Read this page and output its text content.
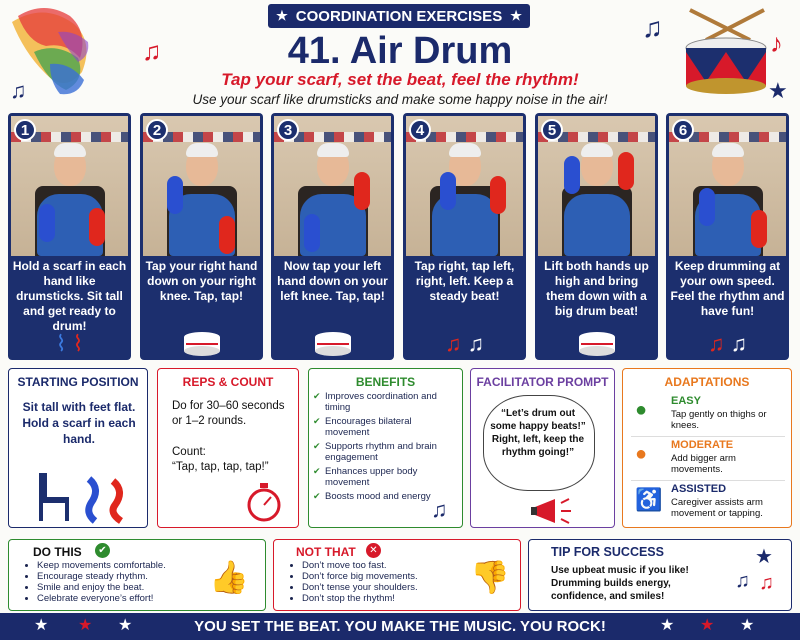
♫
♫
♫	♪
★
★ COORDINATION EXERCISES ★
41. Air Drum
Tap your scarf, set the beat, feel the rhythm!
Use your scarf like drumsticks and make some happy noise in the air!
1
Hold a scarf in each hand like drumsticks. Sit tall and get ready to drum!
⌇ ⌇
2
Tap your right hand down on your right knee. Tap, tap!
3
Now tap your left hand down on your left knee. Tap, tap!
4
Tap right, tap left, right, left. Keep a steady beat!
♫ ♫
5
Lift both hands up high and bring them down with a big drum beat!
6
Keep drumming at your own speed. Feel the rhythm and have fun!
♫ ♫
STARTING POSITION
Sit tall with feet flat. Hold a scarf in each hand.
REPS & COUNT
Do for 30–60 seconds or 1–2 rounds.
Count:
“Tap, tap, tap, tap!”
BENEFITS
✔ Improves coordination and timing
✔ Encourages bilateral movement
✔ Supports rhythm and brain engagement
✔ Enhances upper body movement
✔ Boosts mood and energy
♫
FACILITATOR PROMPT
“Let’s drum out some happy beats!” Right, left, keep the rhythm going!”
ADAPTATIONS
● EASY
Tap gently on thighs or knees.
● MODERATE
Add bigger arm movements.
♿ ASSISTED
Caregiver assists arm movement or tapping.
DO THIS	✔
• Keep movements comfortable.
• Encourage steady rhythm.
• Smile and enjoy the beat.
• Celebrate everyone’s effort!
👍
NOT THAT	✕
• Don’t move too fast.
• Don’t force big movements.
• Don’t tense your shoulders.
• Don’t stop the rhythm!
👎
TIP FOR SUCCESS
Use upbeat music if you like! Drumming builds energy, confidence, and smiles!
★
♫ ♫
YOU SET THE BEAT. YOU MAKE THE MUSIC. YOU ROCK!
★ ★ ★	★ ★ ★
